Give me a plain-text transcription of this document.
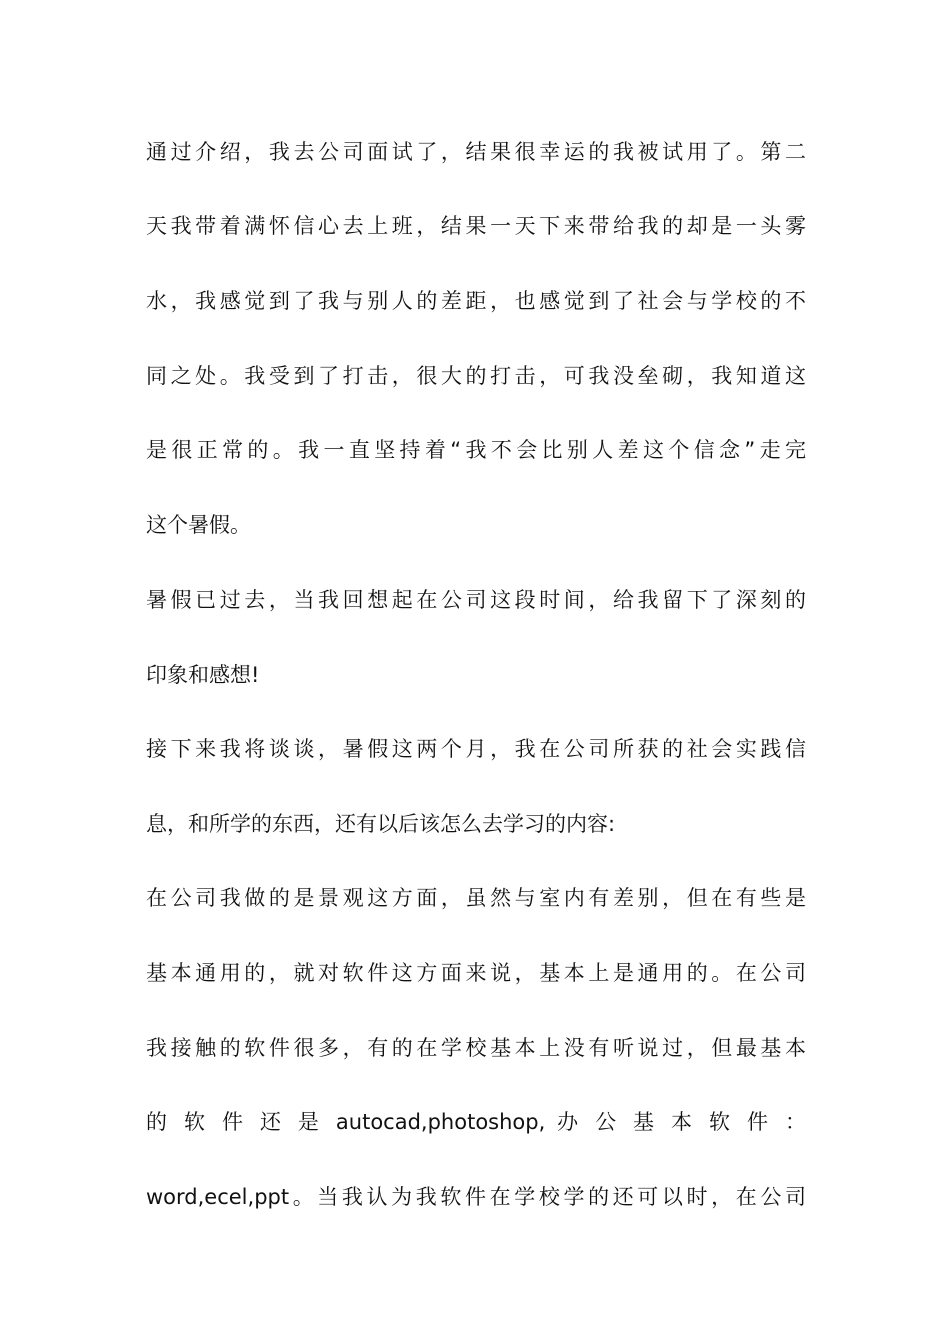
通过介绍，我去公司面试了，结果很幸运的我被试用了。第二
天我带着满怀信心去上班，结果一天下来带给我的却是一头雾
水，我感觉到了我与别人的差距，也感觉到了社会与学校的不
同之处。我受到了打击，很大的打击，可我没垒砌，我知道这
是很正常的。我一直坚持着“我不会比别人差这个信念”走完
这个暑假。
暑假已过去，当我回想起在公司这段时间，给我留下了深刻的
印象和感想!
接下来我将谈谈，暑假这两个月，我在公司所获的社会实践信
息，和所学的东西，还有以后该怎么去学习的内容:
在公司我做的是景观这方面，虽然与室内有差别，但在有些是
基本通用的，就对软件这方面来说，基本上是通用的。在公司
我接触的软件很多，有的在学校基本上没有听说过，但最基本
的 软 件 还 是 autocad,photoshop, 办 公 基 本 软 件 ：
word,ecel,ppt。当我认为我软件在学校学的还可以时，在公司
